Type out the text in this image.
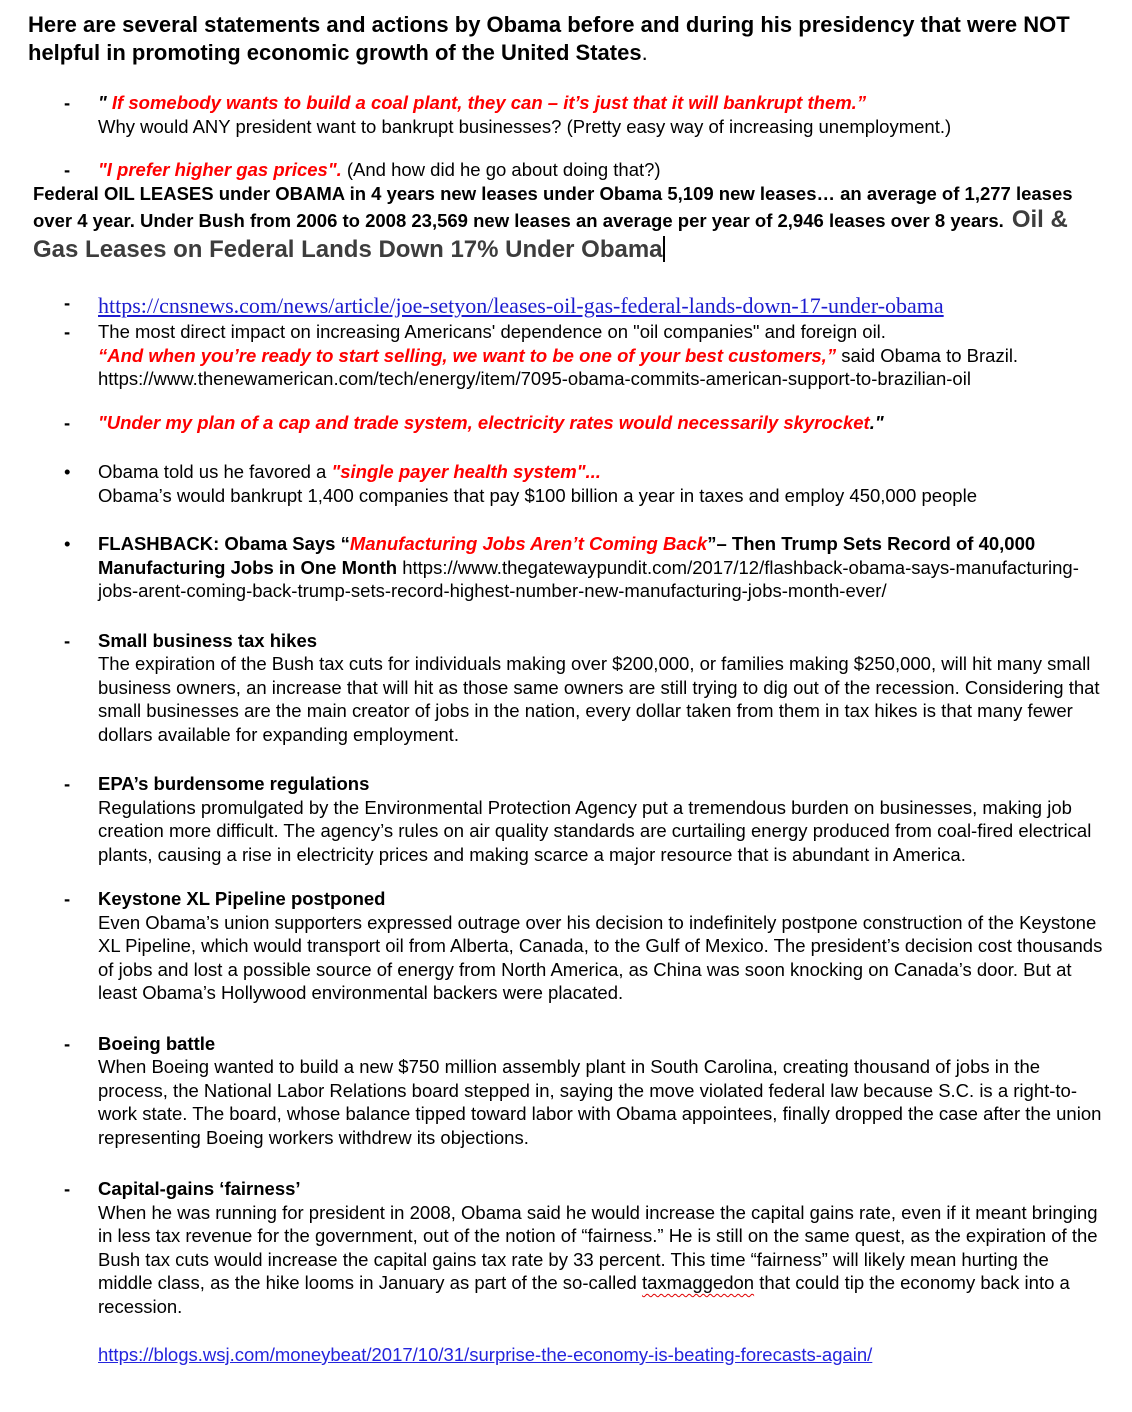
Here are several statements and actions by Obama before and during his presidency that were NOT helpful in promoting economic growth of the United States.
- " If somebody wants to build a coal plant, they can – it’s just that it will bankrupt them.”
Why would ANY president want to bankrupt businesses? (Pretty easy way of increasing unemployment.)
- "I prefer higher gas prices". (And how did he go about doing that?)
Federal OIL LEASES under OBAMA in 4 years new leases under Obama 5,109 new leases… an average of 1,277 leases over 4 year. Under Bush from 2006 to 2008 23,569 new leases an average per year of 2,946 leases over 8 years. Oil & Gas Leases on Federal Lands Down 17% Under Obama
- https://cnsnews.com/news/article/joe-setyon/leases-oil-gas-federal-lands-down-17-under-obama
- The most direct impact on increasing Americans' dependence on "oil companies" and foreign oil.
“And when you’re ready to start selling, we want to be one of your best customers,” said Obama to Brazil.
https://www.thenewamerican.com/tech/energy/item/7095-obama-commits-american-support-to-brazilian-oil
- "Under my plan of a cap and trade system, electricity rates would necessarily skyrocket."
• Obama told us he favored a "single payer health system"...
Obama’s would bankrupt 1,400 companies that pay $100 billion a year in taxes and employ 450,000 people
• FLASHBACK: Obama Says “Manufacturing Jobs Aren’t Coming Back”– Then Trump Sets Record of 40,000 Manufacturing Jobs in One Month https://www.thegatewaypundit.com/2017/12/flashback-obama-says-manufacturing-jobs-arent-coming-back-trump-sets-record-highest-number-new-manufacturing-jobs-month-ever/
- Small business tax hikes
The expiration of the Bush tax cuts for individuals making over $200,000, or families making $250,000, will hit many small business owners, an increase that will hit as those same owners are still trying to dig out of the recession. Considering that small businesses are the main creator of jobs in the nation, every dollar taken from them in tax hikes is that many fewer dollars available for expanding employment.
- EPA’s burdensome regulations
Regulations promulgated by the Environmental Protection Agency put a tremendous burden on businesses, making job creation more difficult. The agency’s rules on air quality standards are curtailing energy produced from coal-fired electrical plants, causing a rise in electricity prices and making scarce a major resource that is abundant in America.
- Keystone XL Pipeline postponed
Even Obama’s union supporters expressed outrage over his decision to indefinitely postpone construction of the Keystone XL Pipeline, which would transport oil from Alberta, Canada, to the Gulf of Mexico. The president’s decision cost thousands of jobs and lost a possible source of energy from North America, as China was soon knocking on Canada’s door. But at least Obama’s Hollywood environmental backers were placated.
- Boeing battle
When Boeing wanted to build a new $750 million assembly plant in South Carolina, creating thousand of jobs in the process, the National Labor Relations board stepped in, saying the move violated federal law because S.C. is a right-to-work state. The board, whose balance tipped toward labor with Obama appointees, finally dropped the case after the union representing Boeing workers withdrew its objections.
- Capital-gains ‘fairness’
When he was running for president in 2008, Obama said he would increase the capital gains rate, even if it meant bringing in less tax revenue for the government, out of the notion of “fairness.” He is still on the same quest, as the expiration of the Bush tax cuts would increase the capital gains tax rate by 33 percent. This time “fairness” will likely mean hurting the middle class, as the hike looms in January as part of the so-called taxmaggedon that could tip the economy back into a recession.
https://blogs.wsj.com/moneybeat/2017/10/31/surprise-the-economy-is-beating-forecasts-again/
